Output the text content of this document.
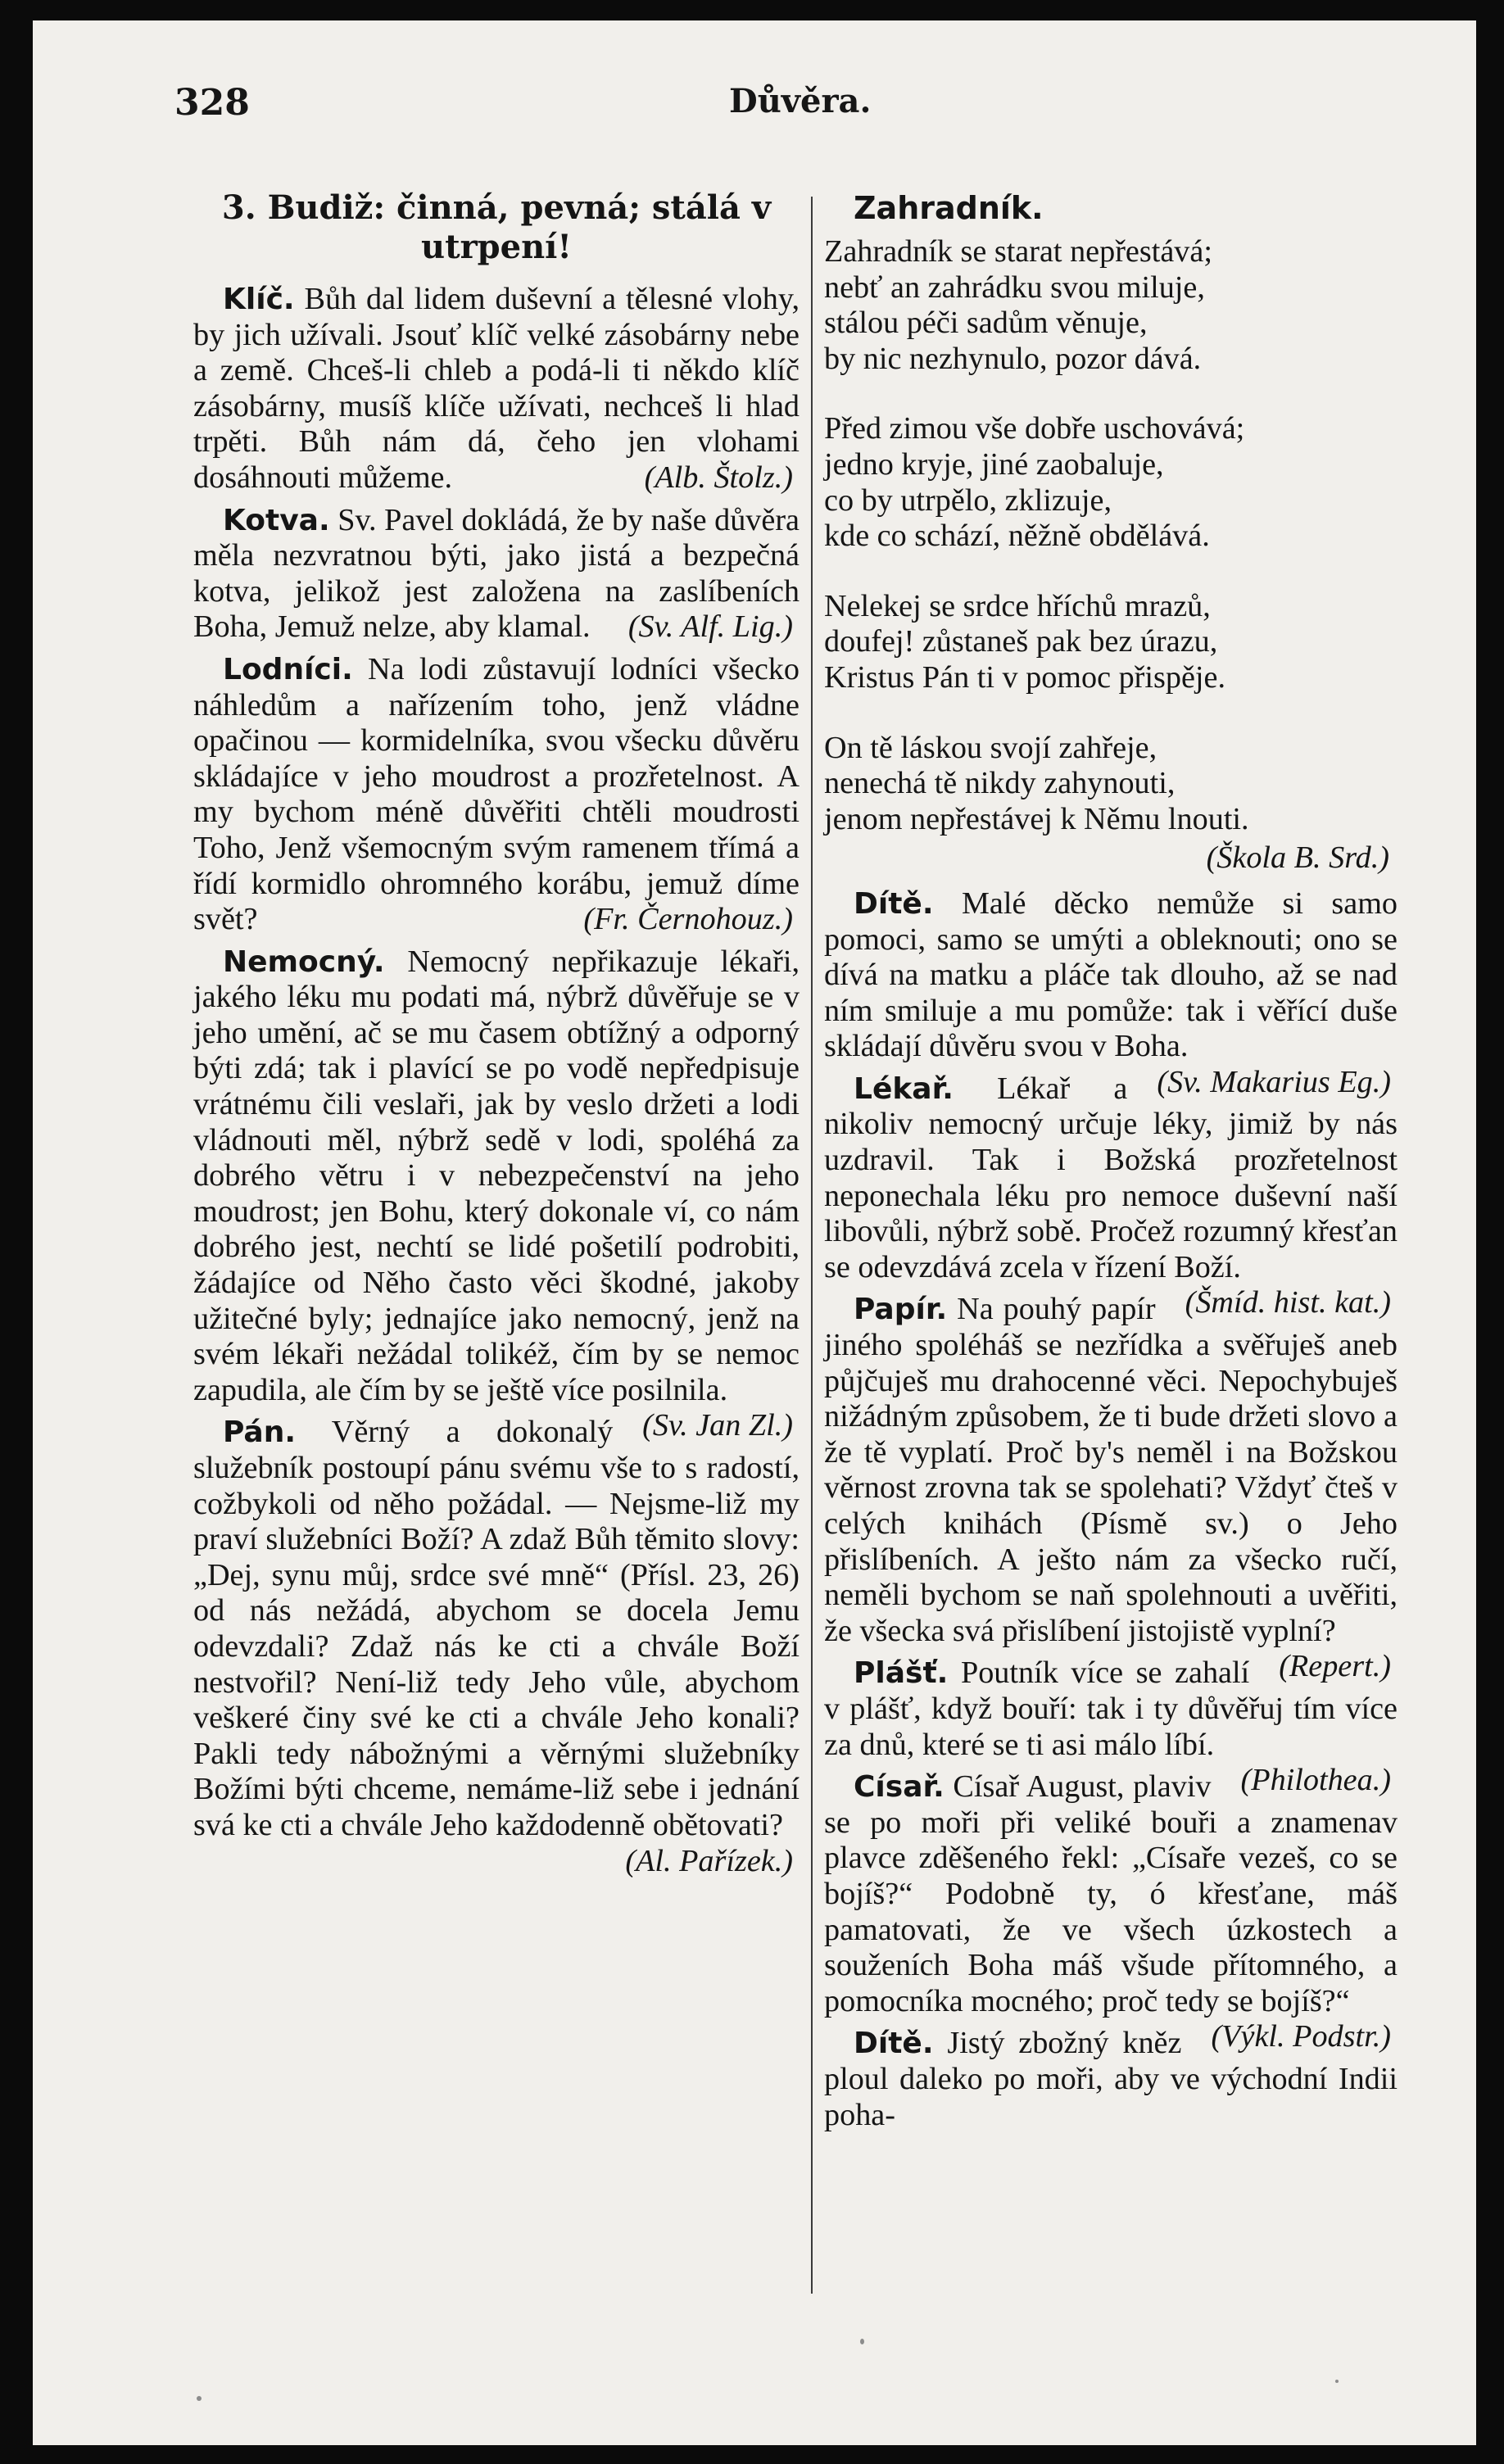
328	Důvěra.
3. Budiž: činná, pevná; stálá v utrpení!

Klíč. Bůh dal lidem duševní a tělesné vlohy, by jich užívali. Jsouť klíč velké zásobárny nebe a země. Chceš-li chleb a podá-li ti někdo klíč zásobárny, musíš klíče užívati, nechceš li hlad trpěti. Bůh nám dá, čeho jen vlohami dosáhnouti můžeme.	(Alb. Štolz.)

Kotva. Sv. Pavel dokládá, že by naše důvěra měla nezvratnou býti, jako jistá a bezpečná kotva, jelikož jest založena na zaslíbeních Boha, Jemuž nelze, aby klamal.	(Sv. Alf. Lig.)

Lodníci. Na lodi zůstavují lodníci všecko náhledům a nařízením toho, jenž vládne opačinou — kormidelníka, svou všecku důvěru skládajíce v jeho moudrost a prozřetelnost. A my bychom méně důvěřiti chtěli moudrosti Toho, Jenž všemocným svým ramenem třímá a řídí kormidlo ohromného korábu, jemuž díme svět?	(Fr. Černohouz.)

Nemocný. Nemocný nepřikazuje lékaři, jakého léku mu podati má, nýbrž důvěřuje se v jeho umění, ač se mu časem obtížný a odporný býti zdá; tak i plavící se po vodě nepředpisuje vrátnému čili veslaři, jak by veslo držeti a lodi vládnouti měl, nýbrž sedě v lodi, spoléhá za dobrého větru i v nebezpečenství na jeho moudrost; jen Bohu, který dokonale ví, co nám dobrého jest, nechtí se lidé pošetilí podrobiti, žádajíce od Něho často věci škodné, jakoby užitečné byly; jednajíce jako nemocný, jenž na svém lékaři nežádal tolikéž, čím by se nemoc zapudila, ale čím by se ještě více posilnila.
(Sv. Jan Zl.)

Pán. Věrný a dokonalý služebník postoupí pánu svému vše to s radostí, cožbykoli od něho požádal. — Nejsme-liž my praví služebníci Boží? A zdaž Bůh těmito slovy: „Dej, synu můj, srdce své mně“ (Přísl. 23, 26) od nás nežádá, abychom se docela Jemu odevzdali? Zdaž nás ke cti a chvále Boží nestvořil? Není-liž tedy Jeho vůle, abychom veškeré činy své ke cti a chvále Jeho konali? Pakli tedy nábožnými a věrnými služebníky Božími býti chceme, nemáme-liž sebe i jednání svá ke cti a chvále Jeho každodenně obětovati?
(Al. Pařízek.)

Zahradník.
Zahradník se starat nepřestává;
nebť an zahrádku svou miluje,
stálou péči sadům věnuje,
by nic nezhynulo, pozor dává.
Před zimou vše dobře uschovává;
jedno kryje, jiné zaobaluje,
co by utrpělo, zklizuje,
kde co schází, něžně obdělává.
Nelekej se srdce hříchů mrazů,
doufej! zůstaneš pak bez úrazu,
Kristus Pán ti v pomoc přispěje.
On tě láskou svojí zahřeje,
nenechá tě nikdy zahynouti,
jenom nepřestávej k Němu lnouti.
(Škola B. Srd.)

Dítě. Malé děcko nemůže si samo pomoci, samo se umýti a obleknouti; ono se dívá na matku a pláče tak dlouho, až se nad ním smiluje a mu pomůže: tak i věřící duše skládají důvěru svou v Boha.
(Sv. Makarius Eg.)

Lékař. Lékař a nikoliv nemocný určuje léky, jimiž by nás uzdravil. Tak i Božská prozřetelnost neponechala léku pro nemoce duševní naší libovůli, nýbrž sobě. Pročež rozumný křesťan se odevzdává zcela v řízení Boží.
(Šmíd. hist. kat.)

Papír. Na pouhý papír jiného spoléháš se nezřídka a svěřuješ aneb půjčuješ mu drahocenné věci. Nepochybuješ nižádným způsobem, že ti bude držeti slovo a že tě vyplatí. Proč by's neměl i na Božskou věrnost zrovna tak se spolehati? Vždyť čteš v celých knihách (Písmě sv.) o Jeho přislíbeních. A ješto nám za všecko ručí, neměli bychom se naň spolehnouti a uvěřiti, že všecka svá přislíbení jistojistě vyplní?
(Repert.)

Plášť. Poutník více se zahalí v plášť, když bouří: tak i ty důvěřuj tím více za dnů, které se ti asi málo líbí.
(Philothea.)

Císař. Císař August, plaviv se po moři při veliké bouři a znamenav plavce zděšeného řekl: „Císaře vezeš, co se bojíš?“ Podobně ty, ó křesťane, máš pamatovati, že ve všech úzkostech a souženích Boha máš všude přítomného, a pomocníka mocného; proč tedy se bojíš?“
(Výkl. Podstr.)

Dítě. Jistý zbožný kněz ploul daleko po moři, aby ve východní Indii poha-
